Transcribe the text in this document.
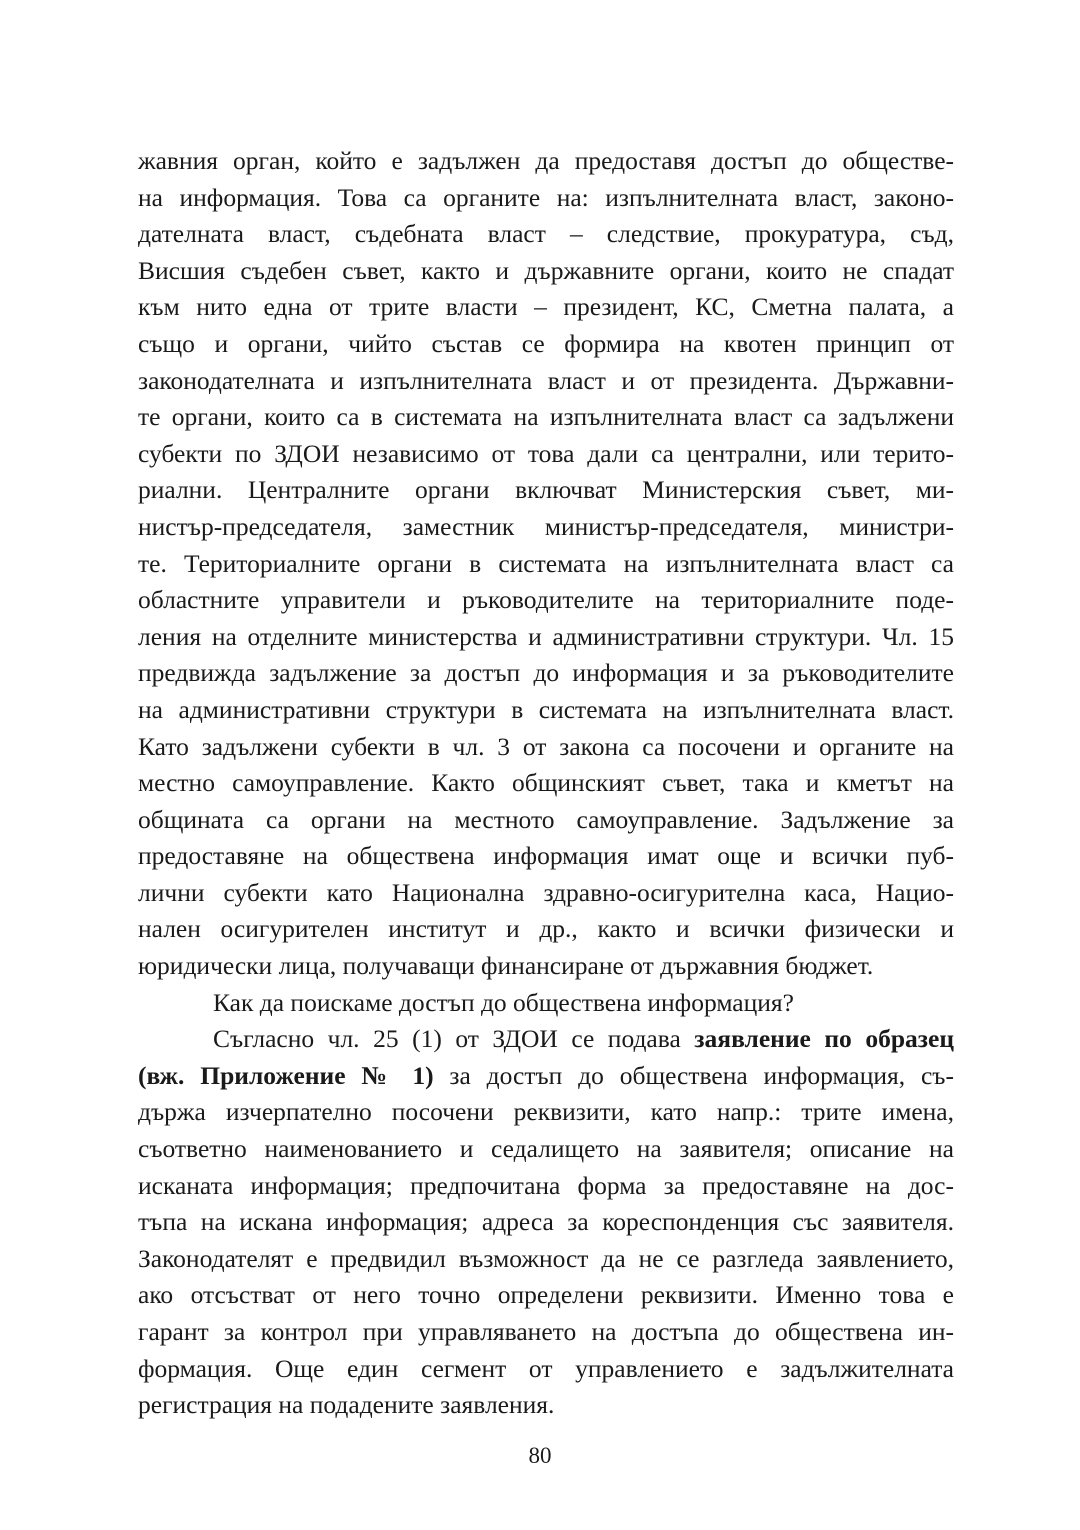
жавния орган, който е задължен да предоставя достъп до обществе-
на информация. Това са органите на: изпълнителната власт, законо-
дателната власт, съдебната власт – следствие, прокуратура, съд,
Висшия съдебен съвет, както и държавните органи, които не спадат
към нито една от трите власти – президент, КС, Сметна палата, а
също и органи, чийто състав се формира на квотен принцип от
законодателната и изпълнителната власт и от президента. Държавни-
те органи, които са в системата на изпълнителната власт са задължени
субекти по ЗДОИ независимо от това дали са централни, или терито-
риални. Централните органи включват Министерския съвет, ми-
нистър-председателя, заместник министър-председателя, министри-
те. Териториалните органи в системата на изпълнителната власт са
областните управители и ръководителите на териториалните поде-
ления на отделните министерства и административни структури. Чл. 15
предвижда задължение за достъп до информация и за ръководителите
на административни структури в системата на изпълнителната власт.
Като задължени субекти в чл. 3 от закона са посочени и органите на
местно самоуправление. Както общинският съвет, така и кметът на
общината са органи на местното самоуправление. Задължение за
предоставяне на обществена информация имат още и всички пуб-
лични субекти като Национална здравно-осигурителна каса, Нацио-
нален осигурителен институт и др., както и всички физически и
юридически лица, получаващи финансиране от държавния бюджет.
Как да поискаме достъп до обществена информация?
Съгласно чл. 25 (1) от ЗДОИ се подава заявление по образец
(вж. Приложение № 1) за достъп до обществена информация, съ-
държа изчерпателно посочени реквизити, като напр.: трите имена,
съответно наименованието и седалището на заявителя; описание на
исканата информация; предпочитана форма за предоставяне на дос-
тъпа на искана информация; адреса за кореспонденция със заявителя.
Законодателят е предвидил възможност да не се разгледа заявлението,
ако отсъстват от него точно определени реквизити. Именно това е
гарант за контрол при управляването на достъпа до обществена ин-
формация. Още един сегмент от управлението е задължителната
регистрация на подадените заявления.
80
